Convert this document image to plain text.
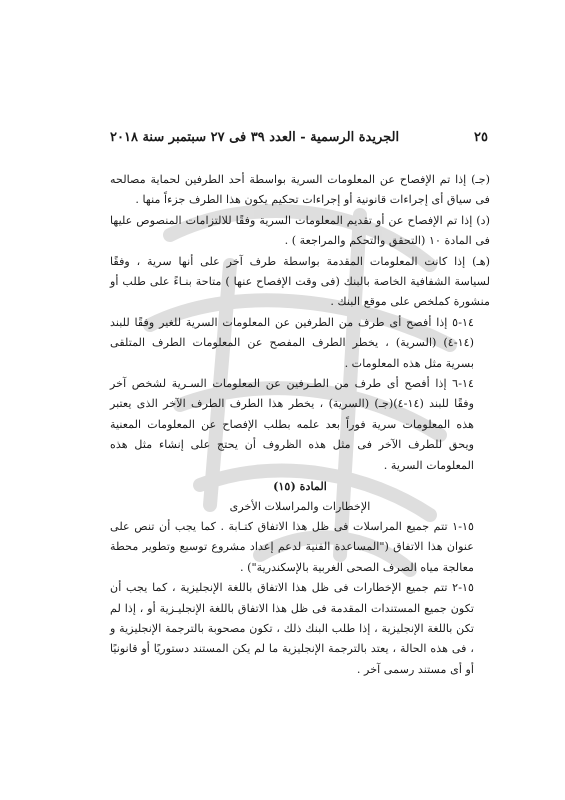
٢٥
الجريدة الرسمية - العدد ٣٩ فى ٢٧ سبتمبر سنة ٢٠١٨

(جـ) إذا تم الإفصاح عن المعلومات السرية بواسطة أحد الطرفين لحماية مصالحه فى سياق أى إجراءات قانونية أو إجراءات تحكيم يكون هذا الطرف جزءاً منها .

(د) إذا تم الإفصاح عن أو تقديم المعلومات السرية وفقًا للالتزامات المنصوص عليها فى المادة ١٠ (التحقق والتحكم والمراجعة ) .

(هـ) إذا كانت المعلومات المقدمة بواسطة طرف آخر على أنها سرية ، وفقًا لسياسة الشفافية الخاصة بالبنك (فى وقت الإفصاح عنها ) متاحة بنـاءً على طلب أو منشورة كملخص على موقع البنك .

١٤-٥ إذا أفصح أى طرف من الطرفين عن المعلومات السرية للغير وفقًا للبند (١٤-٤) (السرية) ، يخطر الطرف المفصح عن المعلومات الطرف المتلقى بسرية مثل هذه المعلومات .

١٤-٦ إذا أفصح أى طرف من الطـرفين عن المعلومات السـرية لشخص آخر وفقًا للبند (١٤-٤)(جـ) (السرية) ، يخطر هذا الطرف الطرف الآخر الذى يعتبر هذه المعلومات سرية فوراً بعد علمه بطلب الإفصاح عن المعلومات المعنية ويحق للطرف الآخر فى مثل هذه الظروف أن يحتج على إنشاء مثل هذه المعلومات السرية .

المادة (١٥)

الإخطارات والمراسلات الأخرى

١٥-١ تتم جميع المراسلات فى ظل هذا الاتفاق كتـابة . كما يجب أن تنص على عنوان هذا الاتفاق ("المساعدة الفنية لدعم إعداد مشروع توسيع وتطوير محطة معالجة مياه الصرف الصحى الغربية بالإسكندرية") .

١٥-٢ تتم جميع الإخطارات فى ظل هذا الاتفاق باللغة الإنجليزية ، كما يجب أن تكون جميع المستندات المقدمة فى ظل هذا الاتفاق باللغة الإنجليـزية أو ، إذا لم تكن باللغة الإنجليزية ، إذا طلب البنك ذلك ، تكون مصحوبة بالترجمة الإنجليزية و ، فى هذه الحالة ، يعتد بالترجمة الإنجليزية ما لم يكن المستند دستوريًا أو قانونيًا أو أى مستند رسمى آخر .
